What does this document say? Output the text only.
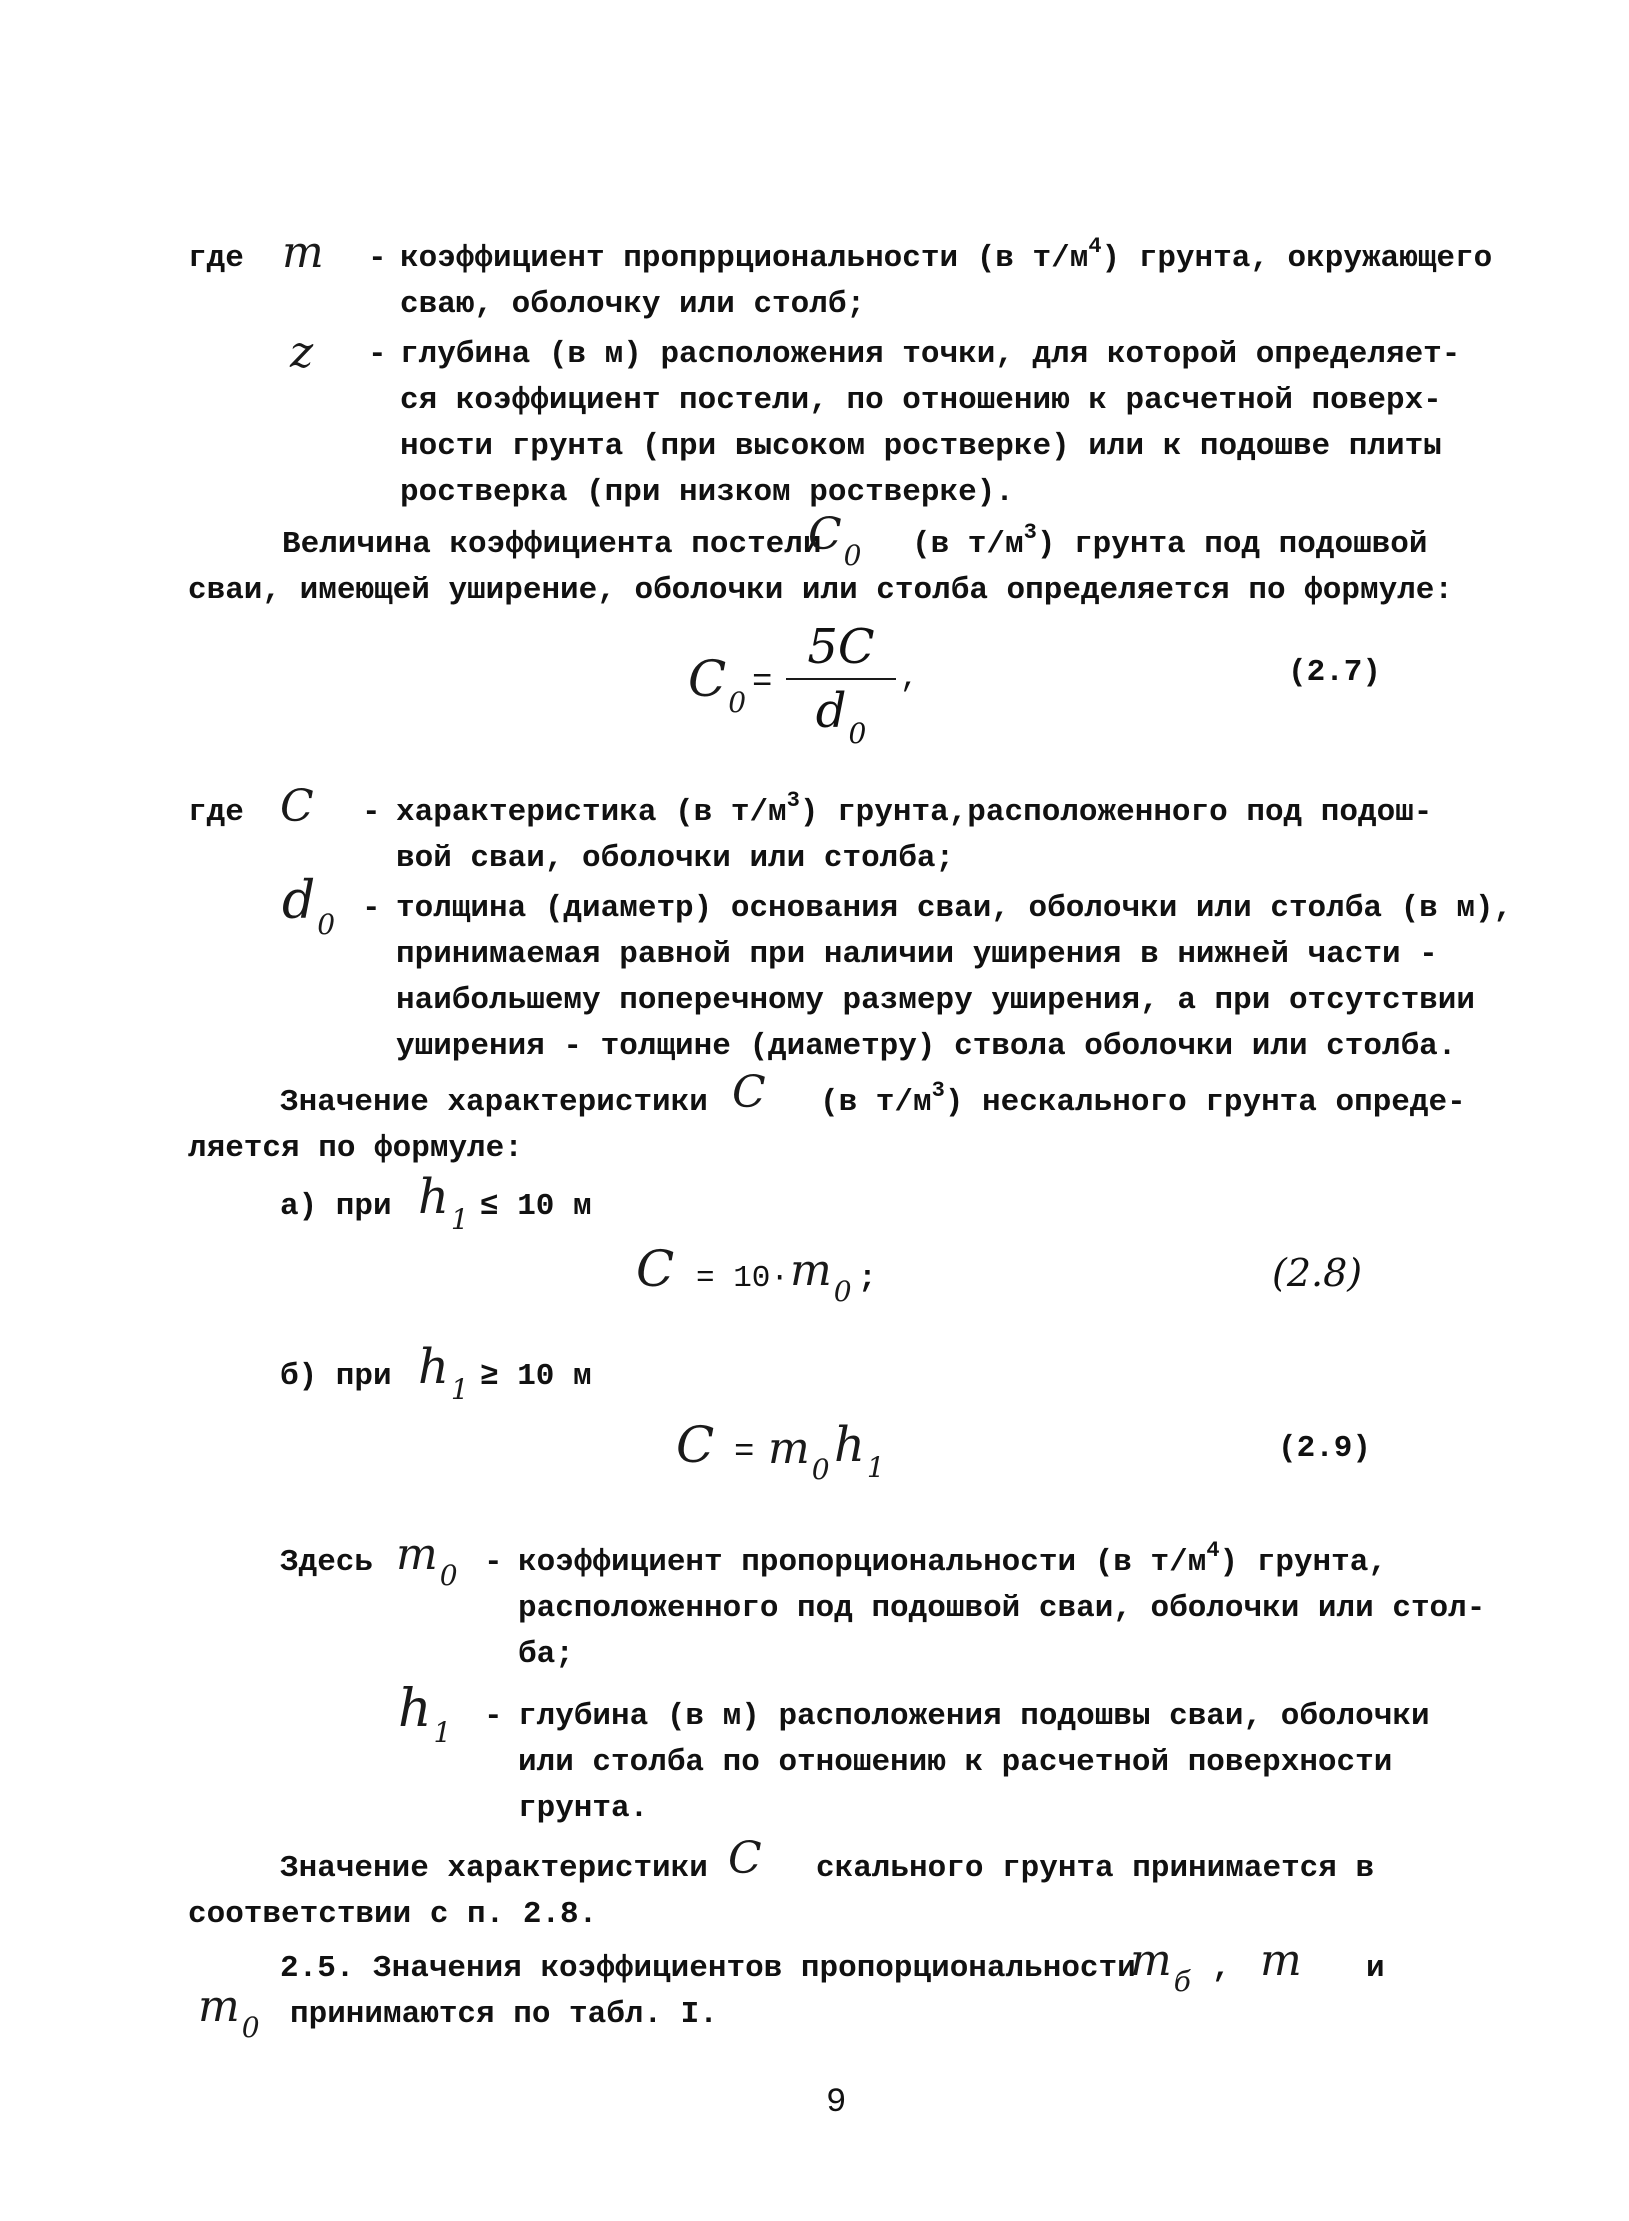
где m - коэффициент пропррциональности (в $т/м^4$) грунта, окружающего
сваю, оболочку или столб;
z - глубина (в м) расположения точки, для которой определяет-
ся коэффициент постели, по отношению к расчетной поверх-
ности грунта (при высоком ростверке) или к подошве плиты
ростверка (при низком ростверке).
Величина коэффициента постели
$C_0$ (в $т/м^3$) грунта под подошвой
сваи, имеющей уширение, оболочки или столба определяется по формуле:
$C_0$
=
5C
$d_0$
,	(2.7)
где C - характеристика (в $т/м^3$) грунта,расположенного под подош-
вой сваи, оболочки или столба;
$d_0$ - толщина (диаметр) основания сваи, оболочки или столба (в м),
принимаемая равной при наличии уширения в нижней части -
наибольшему поперечному размеру уширения, а при отсутствии
уширения - толщине (диаметру) ствола оболочки или столба.
Значение характеристики C (в $т/м^3$) нескального грунта опреде-
ляется по формуле:
а) при $h_1 \le 10$ м
$C = 10\cdot m_0$ ;	(2.8)
б) при $h_1 \ge 10$ м
$C = m_0$ $h_1$
(2.9)
Здесь $m_0$ - коэффициент пропорциональности (в $т/м^4$) грунта,
расположенного под подошвой сваи, оболочки или стол-
ба;
$h_1$ - глубина (в м) расположения подошвы сваи, оболочки
или столба по отношению к расчетной поверхности
грунта.
Значение характеристики C скального грунта принимается в
соответствии с п. 2.8.
2.5. Значения коэффициентов пропорциональности
$m_б$ , m и
$m_0$ принимаются по табл. I.
9
